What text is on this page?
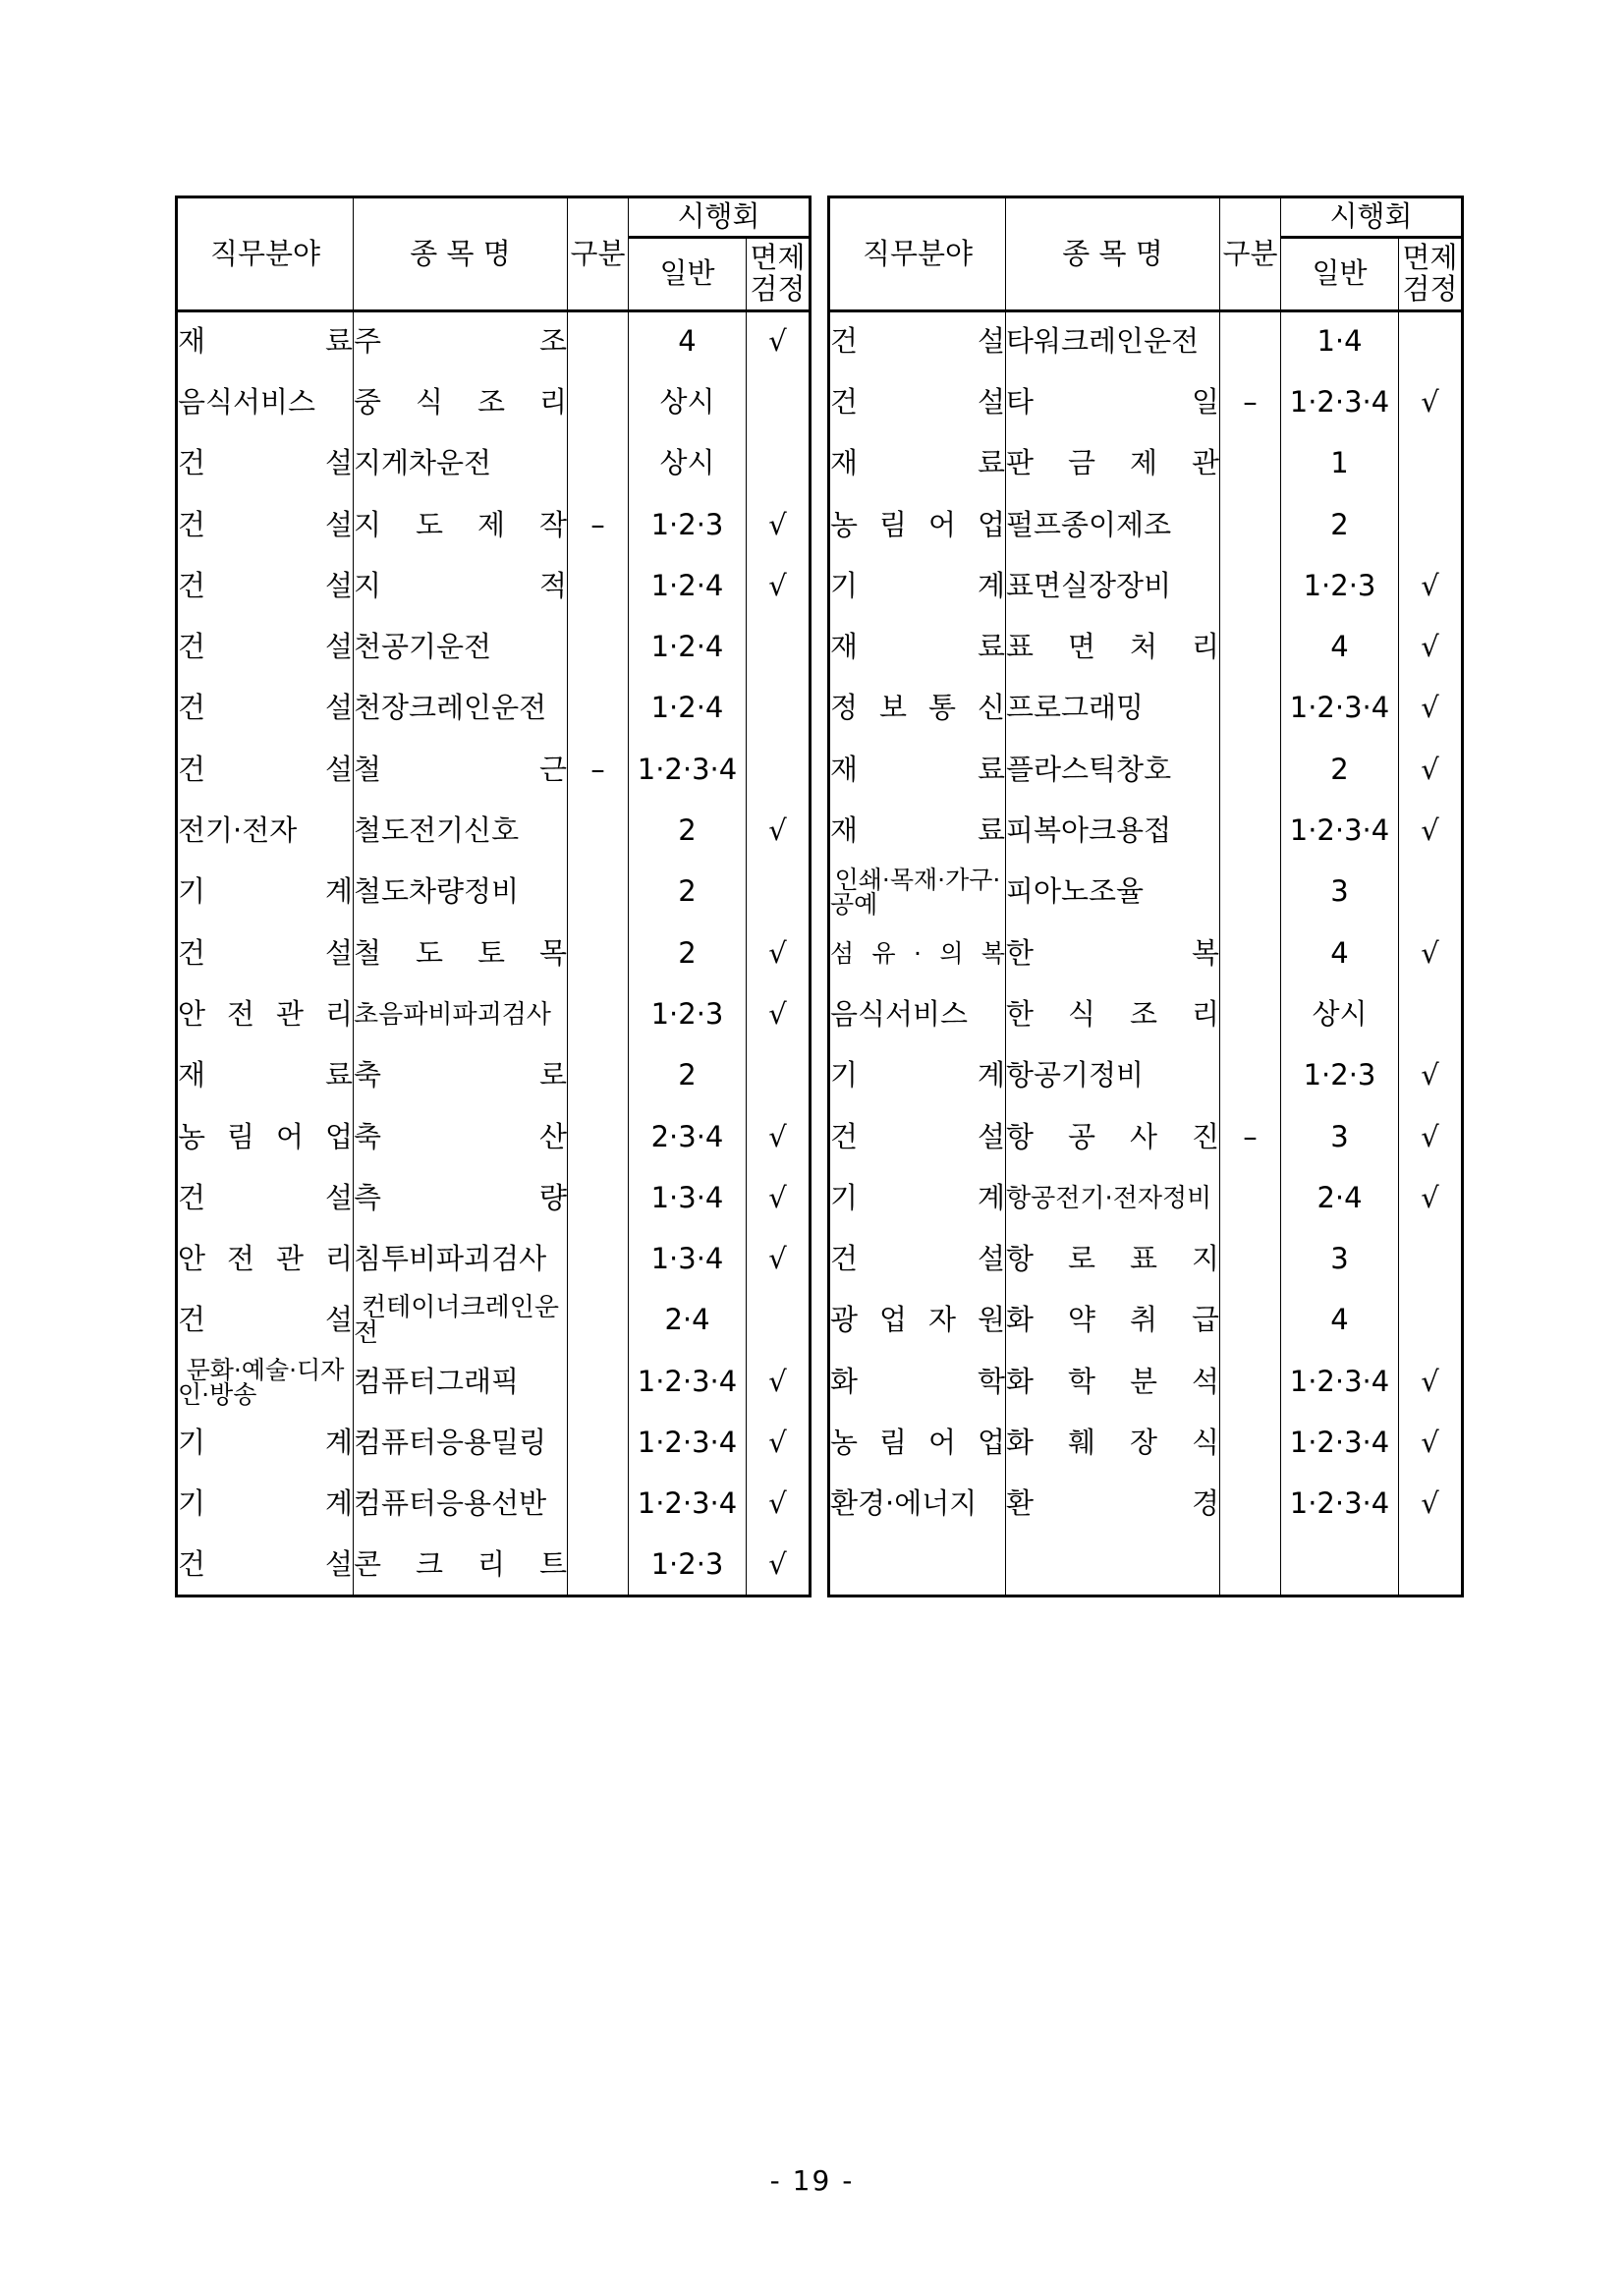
직무분야	종 목 명	구분	시행회	
			일반	면제검정
재　　　료	주　　　조		4	√
음식서비스	중 식 조 리		상시	
건　　　설	지게차운전		상시	
건　　　설	지 도 제 작	–	1·2·3	√
건　　　설	지　　　적		1·2·4	√
건　　　설	천공기운전		1·2·4	
건　　　설	천장크레인운전		1·2·4	
건　　　설	철　　　근	–	1·2·3·4	
전기·전자	철도전기신호		2	√
기　　　계	철도차량정비		2	
건　　　설	철 도 토 목		2	√
안 전 관 리	초음파비파괴검사		1·2·3	√
재　　　료	축　　　로		2	
농 림 어 업	축　　　산		2·3·4	√
건　　　설	측　　　량		1·3·4	√
안 전 관 리	침투비파괴검사		1·3·4	√
건　　　설	컨테이너크레인운전		2·4	
문화·예술·디자인·방송	컴퓨터그래픽		1·2·3·4	√
기　　　계	컴퓨터응용밀링		1·2·3·4	√
기　　　계	컴퓨터응용선반		1·2·3·4	√
건　　　설	콘 크 리 트		1·2·3	√
직무분야	종 목 명	구분	시행회	
			일반	면제검정
건　　　설	타워크레인운전		1·4	
건　　　설	타　　　일	–	1·2·3·4	√
재　　　료	판 금 제 관		1	
농 림 어 업	펄프종이제조		2	
기　　　계	표면실장장비		1·2·3	√
재　　　료	표 면 처 리		4	√
정 보 통 신	프로그래밍		1·2·3·4	√
재　　　료	플라스틱창호		2	√
재　　　료	피복아크용접		1·2·3·4	√
인쇄·목재·가구·공예	피아노조율		3	
섬 유 · 의 복	한　　　복		4	√
음식서비스	한 식 조 리		상시	
기　　　계	항공기정비		1·2·3	√
건　　　설	항 공 사 진	–	3	√
기　　　계	항공전기·전자정비		2·4	√
건　　　설	항 로 표 지		3	
광 업 자 원	화 약 취 급		4	
화　　　학	화 학 분 석		1·2·3·4	√
농 림 어 업	화 훼 장 식		1·2·3·4	√
환경·에너지	환　　　경		1·2·3·4	√

- 19 -
